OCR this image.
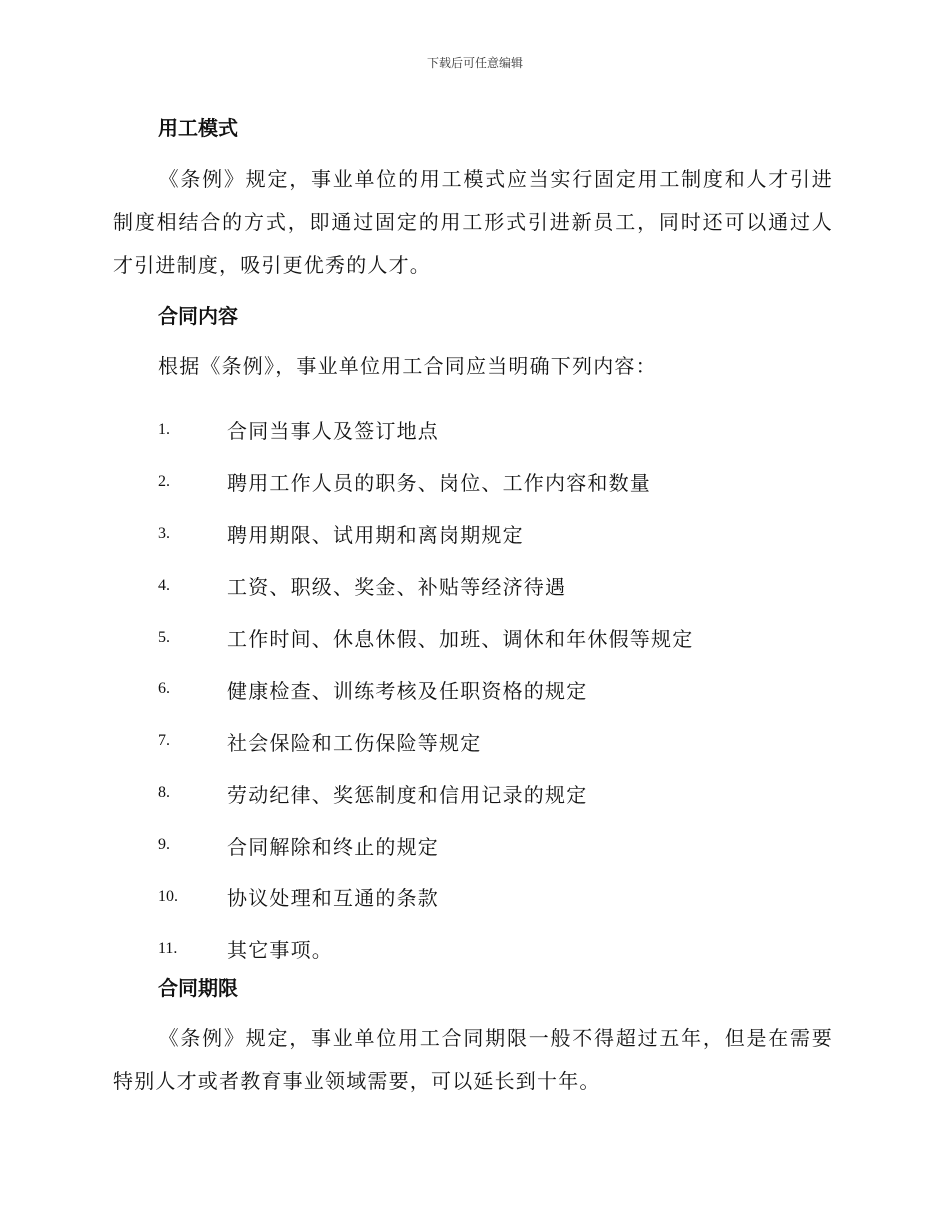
下载后可任意编辑
用工模式
《条例》规定，事业单位的用工模式应当实行固定用工制度和人才引进制度相结合的方式，即通过固定的用工形式引进新员工，同时还可以通过人才引进制度，吸引更优秀的人才。
合同内容
根据《条例》，事业单位用工合同应当明确下列内容：
1.	合同当事人及签订地点
2.	聘用工作人员的职务、岗位、工作内容和数量
3.	聘用期限、试用期和离岗期规定
4.	工资、职级、奖金、补贴等经济待遇
5.	工作时间、休息休假、加班、调休和年休假等规定
6.	健康检查、训练考核及任职资格的规定
7.	社会保险和工伤保险等规定
8.	劳动纪律、奖惩制度和信用记录的规定
9.	合同解除和终止的规定
10.	协议处理和互通的条款
11.	其它事项。
合同期限
《条例》规定，事业单位用工合同期限一般不得超过五年，但是在需要特别人才或者教育事业领域需要，可以延长到十年。
